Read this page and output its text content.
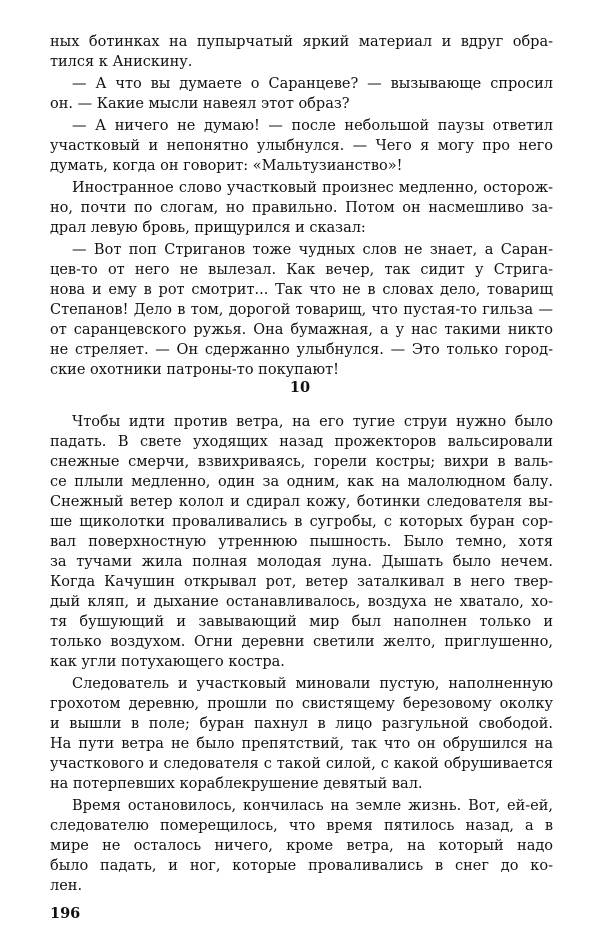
ных ботинках на пупырчатый яркий материал и вдруг обра-
тился к Анискину.
— А что вы думаете о Саранцеве? — вызывающе спросил
он. — Какие мысли навеял этот образ?
— А ничего не думаю! — после небольшой паузы ответил
участковый и непонятно улыбнулся. — Чего я могу про него
думать, когда он говорит: «Мальтузианство»!
Иностранное слово участковый произнес медленно, осторож-
но, почти по слогам, но правильно. Потом он насмешливо за-
драл левую бровь, прищурился и сказал:
— Вот поп Стриганов тоже чудных слов не знает, а Саран-
цев-то от него не вылезал. Как вечер, так сидит у Стрига-
нова и ему в рот смотрит... Так что не в словах дело, товарищ
Степанов! Дело в том, дорогой товарищ, что пустая-то гильза —
от саранцевского ружья. Она бумажная, а у нас такими никто
не стреляет. — Он сдержанно улыбнулся. — Это только город-
ские охотники патроны-то покупают!
10
Чтобы идти против ветра, на его тугие струи нужно было
падать. В свете уходящих назад прожекторов вальсировали
снежные смерчи, взвихриваясь, горели костры; вихри в валь-
се плыли медленно, один за одним, как на малолюдном балу.
Снежный ветер колол и сдирал кожу, ботинки следователя вы-
ше щиколотки проваливались в сугробы, с которых буран сор-
вал поверхностную утреннюю пышность. Было темно, хотя
за тучами жила полная молодая луна. Дышать было нечем.
Когда Качушин открывал рот, ветер заталкивал в него твер-
дый кляп, и дыхание останавливалось, воздуха не хватало, хо-
тя бушующий и завывающий мир был наполнен только и
только воздухом. Огни деревни светили желто, приглушенно,
как угли потухающего костра.
Следователь и участковый миновали пустую, наполненную
грохотом деревню, прошли по свистящему березовому околку
и вышли в поле; буран пахнул в лицо разгульной свободой.
На пути ветра не было препятствий, так что он обрушился на
участкового и следователя с такой силой, с какой обрушивается
на потерпевших кораблекрушение девятый вал.
Время остановилось, кончилась на земле жизнь. Вот, ей-ей,
следователю померещилось, что время пятилось назад, а в
мире не осталось ничего, кроме ветра, на который надо
было падать, и ног, которые проваливались в снег до ко-
лен.
196
